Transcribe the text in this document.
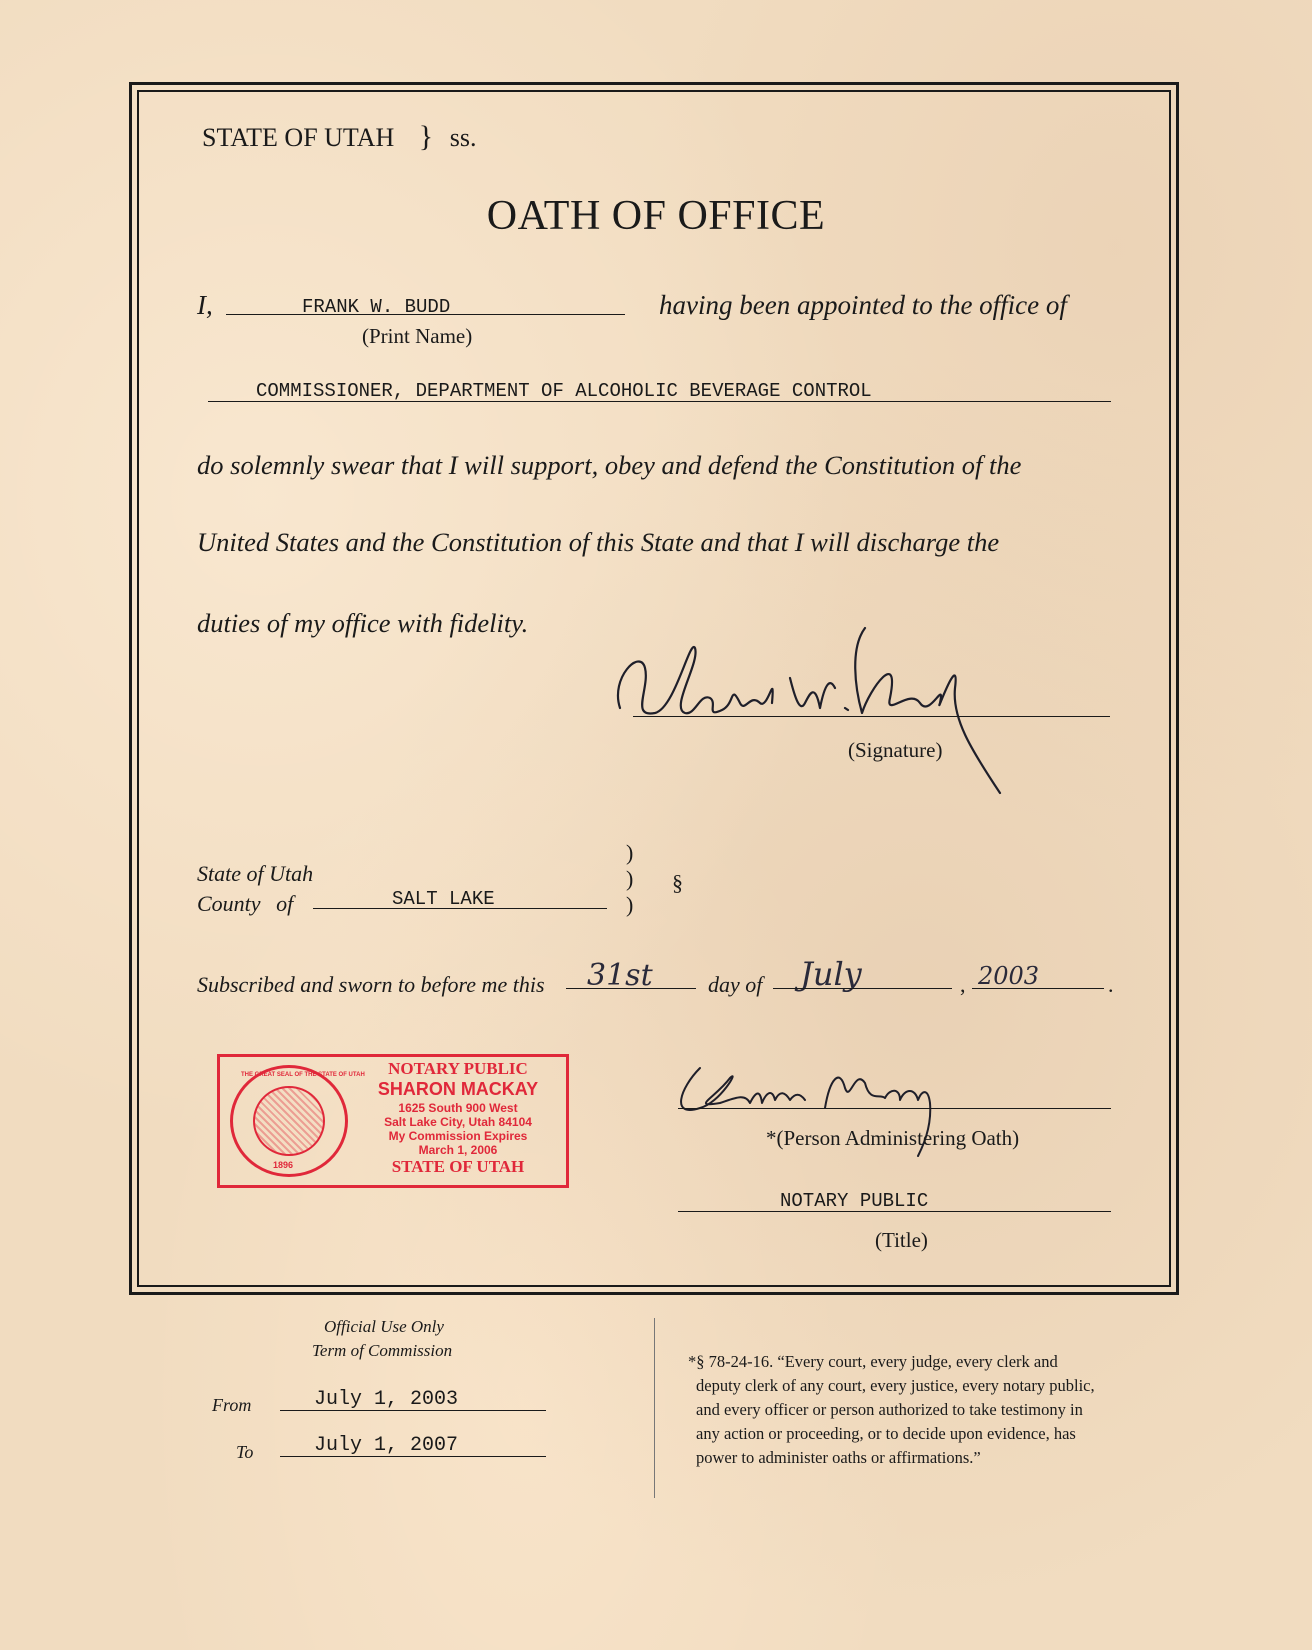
STATE OF UTAH } ss.
OATH OF OFFICE
I,	FRANK W. BUDD
(Print Name)
having been appointed to the office of
COMMISSIONER, DEPARTMENT OF ALCOHOLIC BEVERAGE CONTROL
do solemnly swear that I will support, obey and defend the Constitution of the
United States and the Constitution of this State and that I will discharge the
duties of my office with fidelity.
(Signature)
State of Utah
County of	SALT LAKE
)
)
)
§
Subscribed and sworn to before me this 31st	day of July	, 2003	.
THE GREAT SEAL OF THE STATE OF UTAH
1896
NOTARY PUBLIC
SHARON MACKAY
1625 South 900 West
Salt Lake City, Utah 84104
My Commission Expires
March 1, 2006
STATE OF UTAH
*(Person Administering Oath)
NOTARY PUBLIC
(Title)
Official Use Only
Term of Commission
From	July 1, 2003
To	July 1, 2007
*§ 78-24-16. “Every court, every judge, every clerk and
deputy clerk of any court, every justice, every notary public,
and every officer or person authorized to take testimony in
any action or proceeding, or to decide upon evidence, has
power to administer oaths or affirmations.”
